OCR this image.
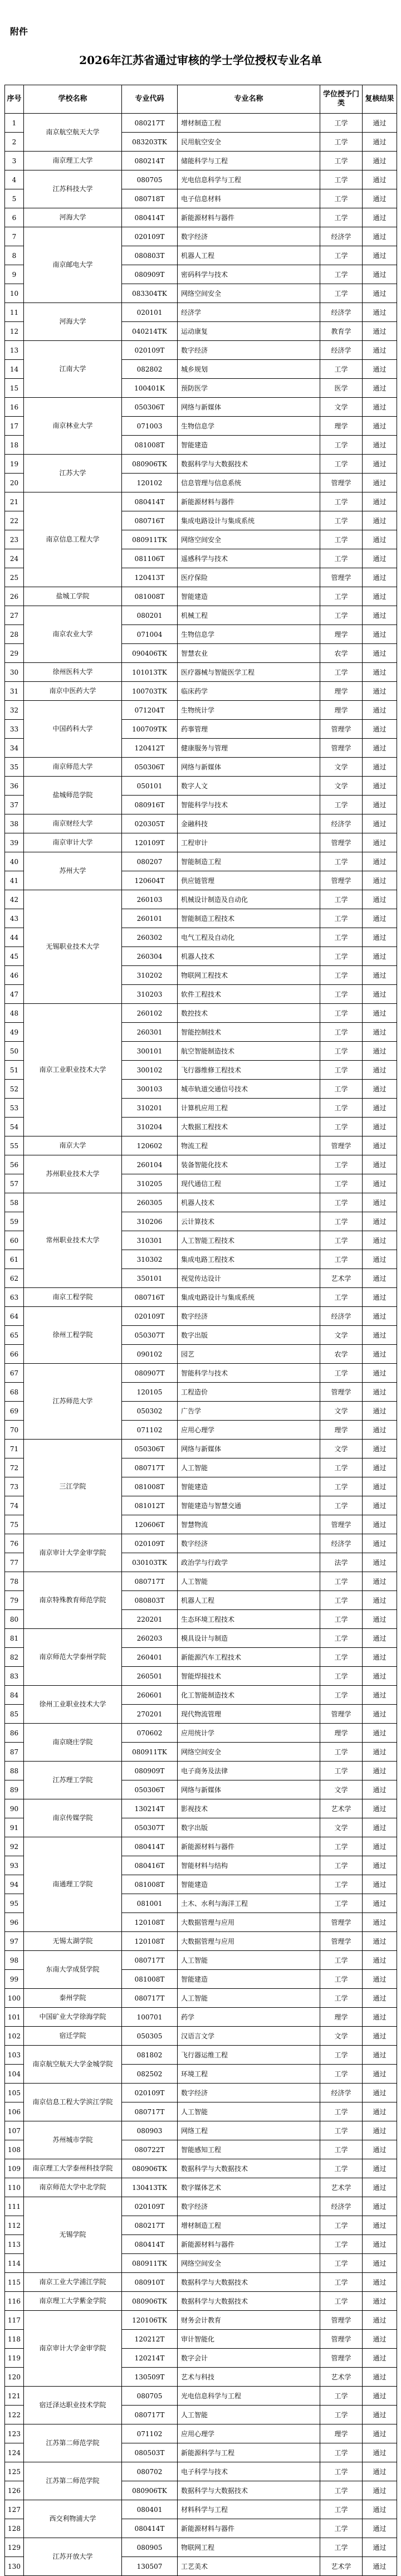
附件
2026年江苏省通过审核的学士学位授权专业名单
序号	学校名称	专业代码	专业名称	学位授予门类	复核结果
1	南京航空航天大学	080217T	增材制造工程	工学	通过
2		083203TK	民用航空安全	工学	通过
3	南京理工大学	080214T	储能科学与工程	工学	通过
4	江苏科技大学	080705	光电信息科学与工程	工学	通过
5		080718T	电子信息材料	工学	通过
6	河海大学	080414T	新能源材料与器件	工学	通过
7	南京邮电大学	020109T	数字经济	经济学	通过
8		080803T	机器人工程	工学	通过
9		080909T	密码科学与技术	工学	通过
10		083304TK	网络空间安全	工学	通过
11	河海大学	020101	经济学	经济学	通过
12		040214TK	运动康复	教育学	通过
13	江南大学	020109T	数字经济	经济学	通过
14		082802	城乡规划	工学	通过
15		100401K	预防医学	医学	通过
16	南京林业大学	050306T	网络与新媒体	文学	通过
17		071003	生物信息学	理学	通过
18		081008T	智能建造	工学	通过
19	江苏大学	080906TK	数据科学与大数据技术	工学	通过
20		120102	信息管理与信息系统	管理学	通过
21	南京信息工程大学	080414T	新能源材料与器件	工学	通过
22		080716T	集成电路设计与集成系统	工学	通过
23		080911TK	网络空间安全	工学	通过
24		081106T	遥感科学与技术	工学	通过
25		120413T	医疗保险	管理学	通过
26	盐城工学院	081008T	智能建造	工学	通过
27	南京农业大学	080201	机械工程	工学	通过
28		071004	生物信息学	理学	通过
29		090406TK	智慧农业	农学	通过
30	徐州医科大学	101013TK	医疗器械与智能医学工程	工学	通过
31	南京中医药大学	100703TK	临床药学	理学	通过
32	中国药科大学	071204T	生物统计学	理学	通过
33		100709TK	药事管理	管理学	通过
34		120412T	健康服务与管理	管理学	通过
35	南京师范大学	050306T	网络与新媒体	文学	通过
36	盐城师范学院	050101	数字人文	文学	通过
37		080916T	智能科学与技术	工学	通过
38	南京财经大学	020305T	金融科技	经济学	通过
39	南京审计大学	120109T	工程审计	管理学	通过
40	苏州大学	080207	智能制造工程	工学	通过
41		120604T	供应链管理	管理学	通过
42	无锡职业技术大学	260103	机械设计制造及自动化	工学	通过
43		260101	智能制造工程技术	工学	通过
44		260302	电气工程及自动化	工学	通过
45		260304	机器人技术	工学	通过
46		310202	物联网工程技术	工学	通过
47		310203	软件工程技术	工学	通过
48	南京工业职业技术大学	260102	数控技术	工学	通过
49		260301	智能控制技术	工学	通过
50		300101	航空智能制造技术	工学	通过
51		300102	飞行器维修工程技术	工学	通过
52		300103	城市轨道交通信号技术	工学	通过
53		310201	计算机应用工程	工学	通过
54		310204	大数据工程技术	工学	通过
55	南京大学	120602	物流工程	管理学	通过
56	苏州职业技术大学	260104	装备智能化技术	工学	通过
57		310205	现代通信工程	工学	通过
58	常州职业技术大学	260305	机器人技术	工学	通过
59		310206	云计算技术	工学	通过
60		310301	人工智能工程技术	工学	通过
61		310302	集成电路工程技术	工学	通过
62		350101	视觉传达设计	艺术学	通过
63	南京工程学院	080716T	集成电路设计与集成系统	工学	通过
64	徐州工程学院	020109T	数字经济	经济学	通过
65		050307T	数字出版	文学	通过
66		090102	园艺	农学	通过
67	江苏师范大学	080907T	智能科学与技术	工学	通过
68		120105	工程造价	管理学	通过
69		050302	广告学	文学	通过
70		071102	应用心理学	理学	通过
71	三江学院	050306T	网络与新媒体	文学	通过
72		080717T	人工智能	工学	通过
73		081008T	智能建造	工学	通过
74		081012T	智能建造与智慧交通	工学	通过
75		120606T	智慧物流	管理学	通过
76	南京审计大学金审学院	020109T	数字经济	经济学	通过
77		030103TK	政治学与行政学	法学	通过
78	南京特殊教育师范学院	080717T	人工智能	工学	通过
79		080803T	机器人工程	工学	通过
80		220201	生态环境工程技术	工学	通过
81	南京师范大学泰州学院	260203	模具设计与制造	工学	通过
82		260401	新能源汽车工程技术	工学	通过
83		260501	智能焊接技术	工学	通过
84	徐州工业职业技术大学	260601	化工智能制造技术	工学	通过
85		270201	现代物流管理	管理学	通过
86	南京晓庄学院	070602	应用统计学	理学	通过
87		080911TK	网络空间安全	工学	通过
88	江苏理工学院	080909T	电子商务及法律	工学	通过
89		050306T	网络与新媒体	文学	通过
90	南京传媒学院	130214T	影视技术	艺术学	通过
91		050307T	数字出版	文学	通过
92	南通理工学院	080414T	新能源材料与器件	工学	通过
93		080416T	智能材料与结构	工学	通过
94		081008T	智能建造	工学	通过
95		081001	土木、水利与海洋工程	工学	通过
96		120108T	大数据管理与应用	管理学	通过
97	无锡太湖学院	120108T	大数据管理与应用	管理学	通过
98	东南大学成贤学院	080717T	人工智能	工学	通过
99		081008T	智能建造	工学	通过
100	泰州学院	080717T	人工智能	工学	通过
101	中国矿业大学徐海学院	100701	药学	理学	通过
102	宿迁学院	050305	汉语言文学	文学	通过
103	南京航空航天大学金城学院	081802	飞行器运维工程	工学	通过
104		082502	环境工程	工学	通过
105	南京信息工程大学滨江学院	020109T	数字经济	经济学	通过
106		080717T	人工智能	工学	通过
107	苏州城市学院	080903	网络工程	工学	通过
108		080722T	智能感知工程	工学	通过
109	南京理工大学泰州科技学院	080906TK	数据科学与大数据技术	工学	通过
110	南京师范大学中北学院	130413TK	数字媒体艺术	艺术学	通过
111	无锡学院	020109T	数字经济	经济学	通过
112		080217T	增材制造工程	工学	通过
113		080414T	新能源材料与器件	工学	通过
114		080911TK	网络空间安全	工学	通过
115	南京工业大学浦江学院	080910T	数据科学与大数据技术	工学	通过
116	南京理工大学紫金学院	080906TK	数据科学与大数据技术	工学	通过
117	南京审计大学金审学院	120106TK	财务会计教育	管理学	通过
118		120212T	审计智能化	管理学	通过
119		120214T	数字会计	管理学	通过
120		130509T	艺术与科技	艺术学	通过
121	宿迁泽达职业技术学院	080705	光电信息科学与工程	工学	通过
122		080717T	人工智能	工学	通过
123	江苏第二师范学院	071102	应用心理学	理学	通过
124		080503T	新能源科学与工程	工学	通过
125	江苏第二师范学院	080702	电子科学与技术	工学	通过
126		080906TK	数据科学与大数据技术	工学	通过
127	西交利物浦大学	080401	材料科学与工程	工学	通过
128		080414T	新能源材料与器件	工学	通过
129	江苏开放大学	080905	物联网工程	工学	通过
130		130507	工艺美术	艺术学	通过
